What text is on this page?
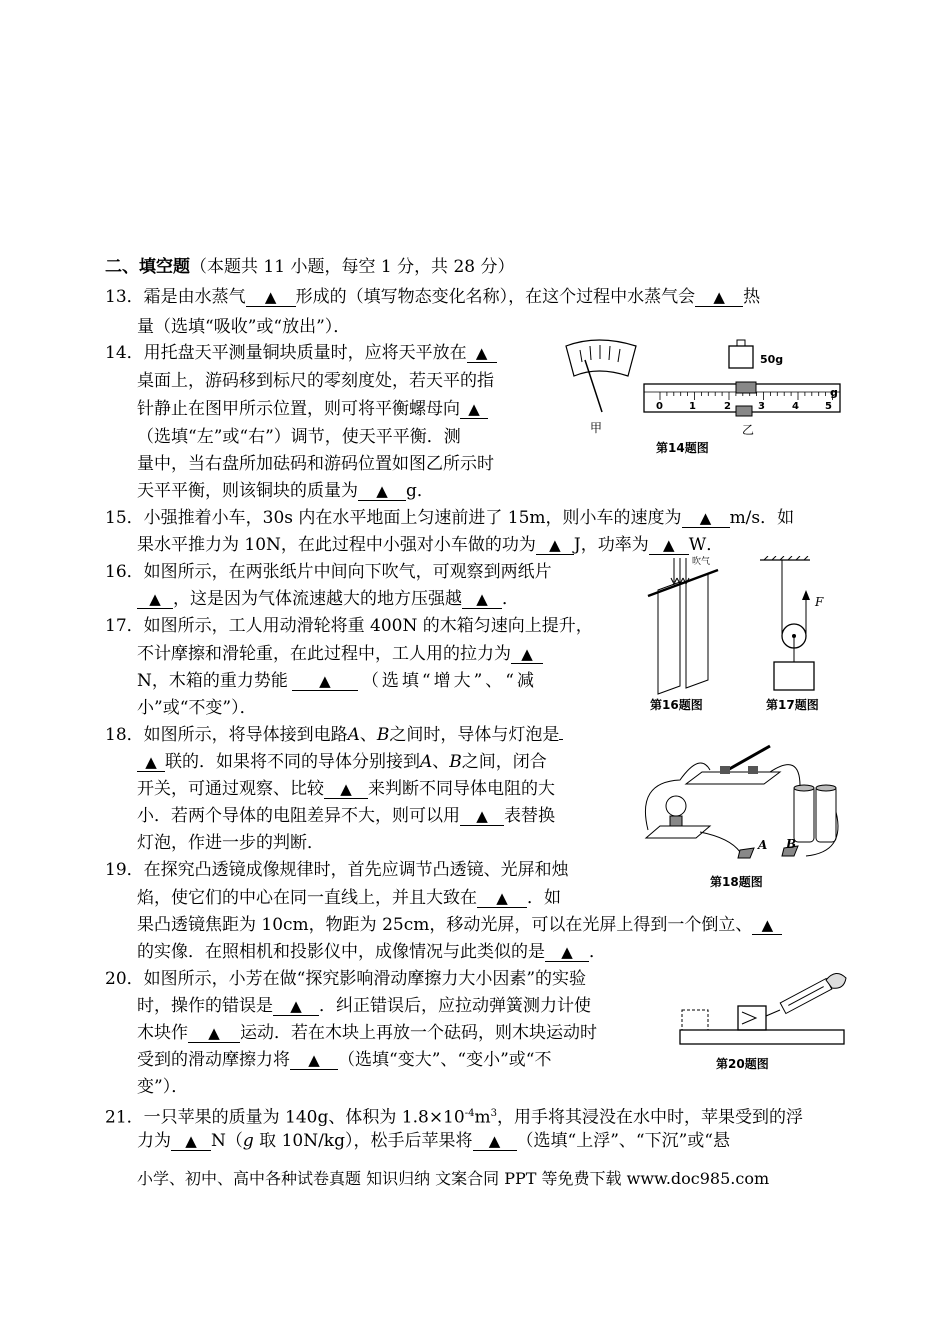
二、填空题（本题共 11 小题，每空 1 分，共 28 分）
13．霜是由水蒸气 ▲ 形成的（填写物态变化名称），在这个过程中水蒸气会 ▲ 热
量（选填“吸收”或“放出”）．
14．用托盘天平测量铜块质量时，应将天平放在 ▲
桌面上，游码移到标尺的零刻度处，若天平的指
针静止在图甲所示位置，则可将平衡螺母向 ▲
（选填“左”或“右”）调节，使天平平衡．测
量中，当右盘所加砝码和游码位置如图乙所示时
天平平衡，则该铜块的质量为 ▲ g．
甲
50g
0	1	2	3	4	5
g
乙
第14题图
15．小强推着小车，30s 内在水平地面上匀速前进了 15m，则小车的速度为 ▲ m/s．如
果水平推力为 10N，在此过程中小强对小车做的功为 ▲ J，功率为 ▲ W．
16．如图所示，在两张纸片中间向下吹气，可观察到两纸片
▲ ，这是因为气体流速越大的地方压强越 ▲ ．
吹气
第16题图
F
第17题图
17．如图所示，工人用动滑轮将重 400N 的木箱匀速向上提升，
不计摩擦和滑轮重，在此过程中，工人用的拉力为 ▲
N，木箱的重力势能 ▲ （选填“增大”、“减
小”或“不变”）．
18．如图所示，将导体接到电路A、B之间时，导体与灯泡是
▲ 联的．如果将不同的导体分别接到A、B之间，闭合
开关，可通过观察、比较 ▲ 来判断不同导体电阻的大
小．若两个导体的电阻差异不大，则可以用 ▲ 表替换
灯泡，作进一步的判断．	A B
第18题图
19．在探究凸透镜成像规律时，首先应调节凸透镜、光屏和烛
焰，使它们的中心在同一直线上，并且大致在 ▲ ．如
果凸透镜焦距为 10cm，物距为 25cm，移动光屏，可以在光屏上得到一个倒立、 ▲
的实像．在照相机和投影仪中，成像情况与此类似的是 ▲ ．
20．如图所示，小芳在做“探究影响滑动摩擦力大小因素”的实验
时，操作的错误是 ▲ ．纠正错误后，应拉动弹簧测力计使
木块作 ▲ 运动．若在木块上再放一个砝码，则木块运动时
受到的滑动摩擦力将 ▲ （选填“变大”、“变小”或“不
变”）．
第20题图
21．一只苹果的质量为 140g、体积为 $1.8\times 10^{-4}m^3$，用手将其浸没在水中时，苹果受到的浮
力为 ▲ N（g 取 10N/kg），松手后苹果将 ▲ （选填“上浮”、“下沉”或“悬
小学、初中、高中各种试卷真题 知识归纳 文案合同 PPT 等免费下载 www.doc985.com
